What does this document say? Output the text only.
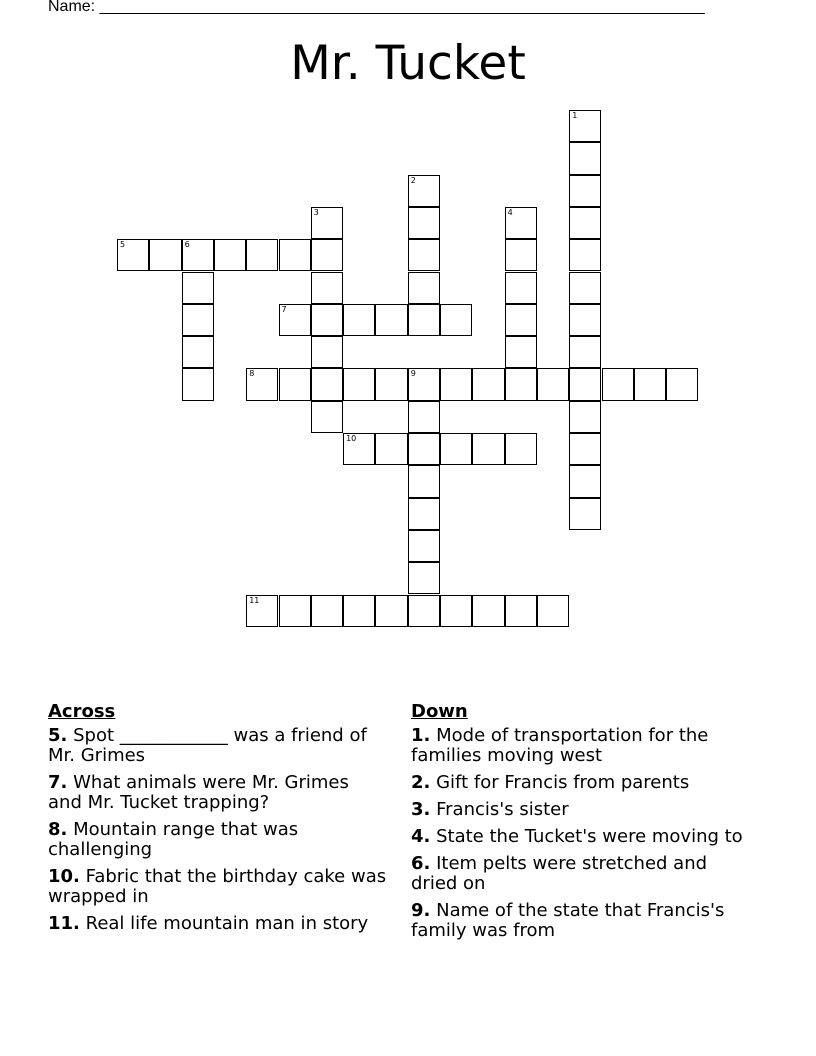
Name: ____________________________________________________________________
Mr. Tucket
1
2
3	4
5	6
7
8	9
10
11
Across
5. Spot ____________ was a friend of Mr. Grimes
7. What animals were Mr. Grimes and Mr. Tucket trapping?
8. Mountain range that was challenging
10. Fabric that the birthday cake was wrapped in
11. Real life mountain man in story
Down
1. Mode of transportation for the families moving west
2. Gift for Francis from parents
3. Francis's sister
4. State the Tucket's were moving to
6. Item pelts were stretched and dried on
9. Name of the state that Francis's family was from
